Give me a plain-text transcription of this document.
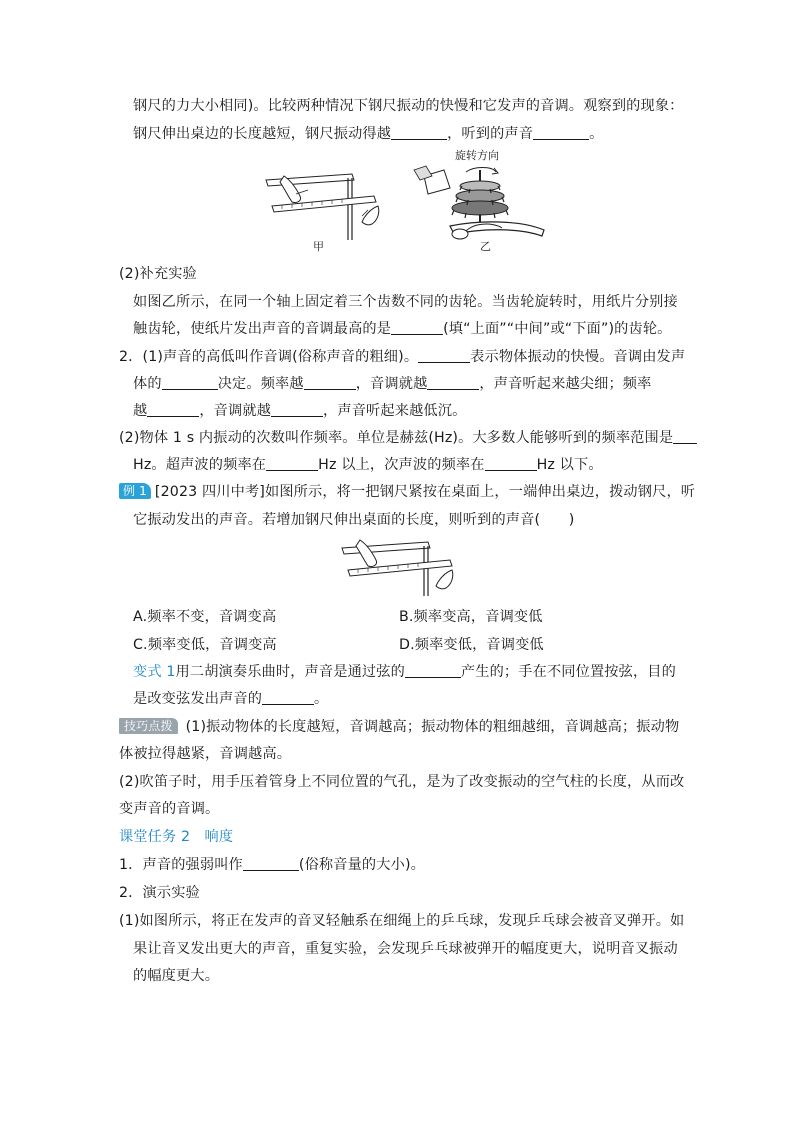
钢尺的力大小相同)。比较两种情况下钢尺振动的快慢和它发声的音调。观察到的现象：
钢尺伸出桌边的长度越短，钢尺振动得越	，听到的声音	。
甲
旋转方向
乙
(2)补充实验
如图乙所示，在同一个轴上固定着三个齿数不同的齿轮。当齿轮旋转时，用纸片分别接
触齿轮，使纸片发出声音的音调最高的是	(填“上面”“中间”或“下面”)的齿轮。
2．(1)声音的高低叫作音调(俗称声音的粗细)。	表示物体振动的快慢。音调由发声
体的	决定。频率越	，音调就越	，声音听起来越尖细；频率
越	，音调就越	，声音听起来越低沉。
(2)物体 1 s 内振动的次数叫作频率。单位是赫兹(Hz)。大多数人能够听到的频率范围是
Hz。超声波的频率在	Hz 以上，次声波的频率在	Hz 以下。
例 1 [2023 四川中考]如图所示，将一把钢尺紧按在桌面上，一端伸出桌边，拨动钢尺，听
它振动发出的声音。若增加钢尺伸出桌面的长度，则听到的声音(　　)
A.频率不变，音调变高	B.频率变高，音调变低
C.频率变低，音调变高	D.频率变低，音调变低
变式 1用二胡演奏乐曲时，声音是通过弦的	产生的；手在不同位置按弦，目的
是改变弦发出声音的	。
技巧点拨 (1)振动物体的长度越短，音调越高；振动物体的粗细越细，音调越高；振动物
体被拉得越紧，音调越高。
(2)吹笛子时，用手压着管身上不同位置的气孔，是为了改变振动的空气柱的长度，从而改
变声音的音调。
课堂任务 2　响度
1．声音的强弱叫作	(俗称音量的大小)。
2．演示实验
(1)如图所示，将正在发声的音叉轻触系在细绳上的乒乓球，发现乒乓球会被音叉弹开。如
果让音叉发出更大的声音，重复实验，会发现乒乓球被弹开的幅度更大，说明音叉振动
的幅度更大。
